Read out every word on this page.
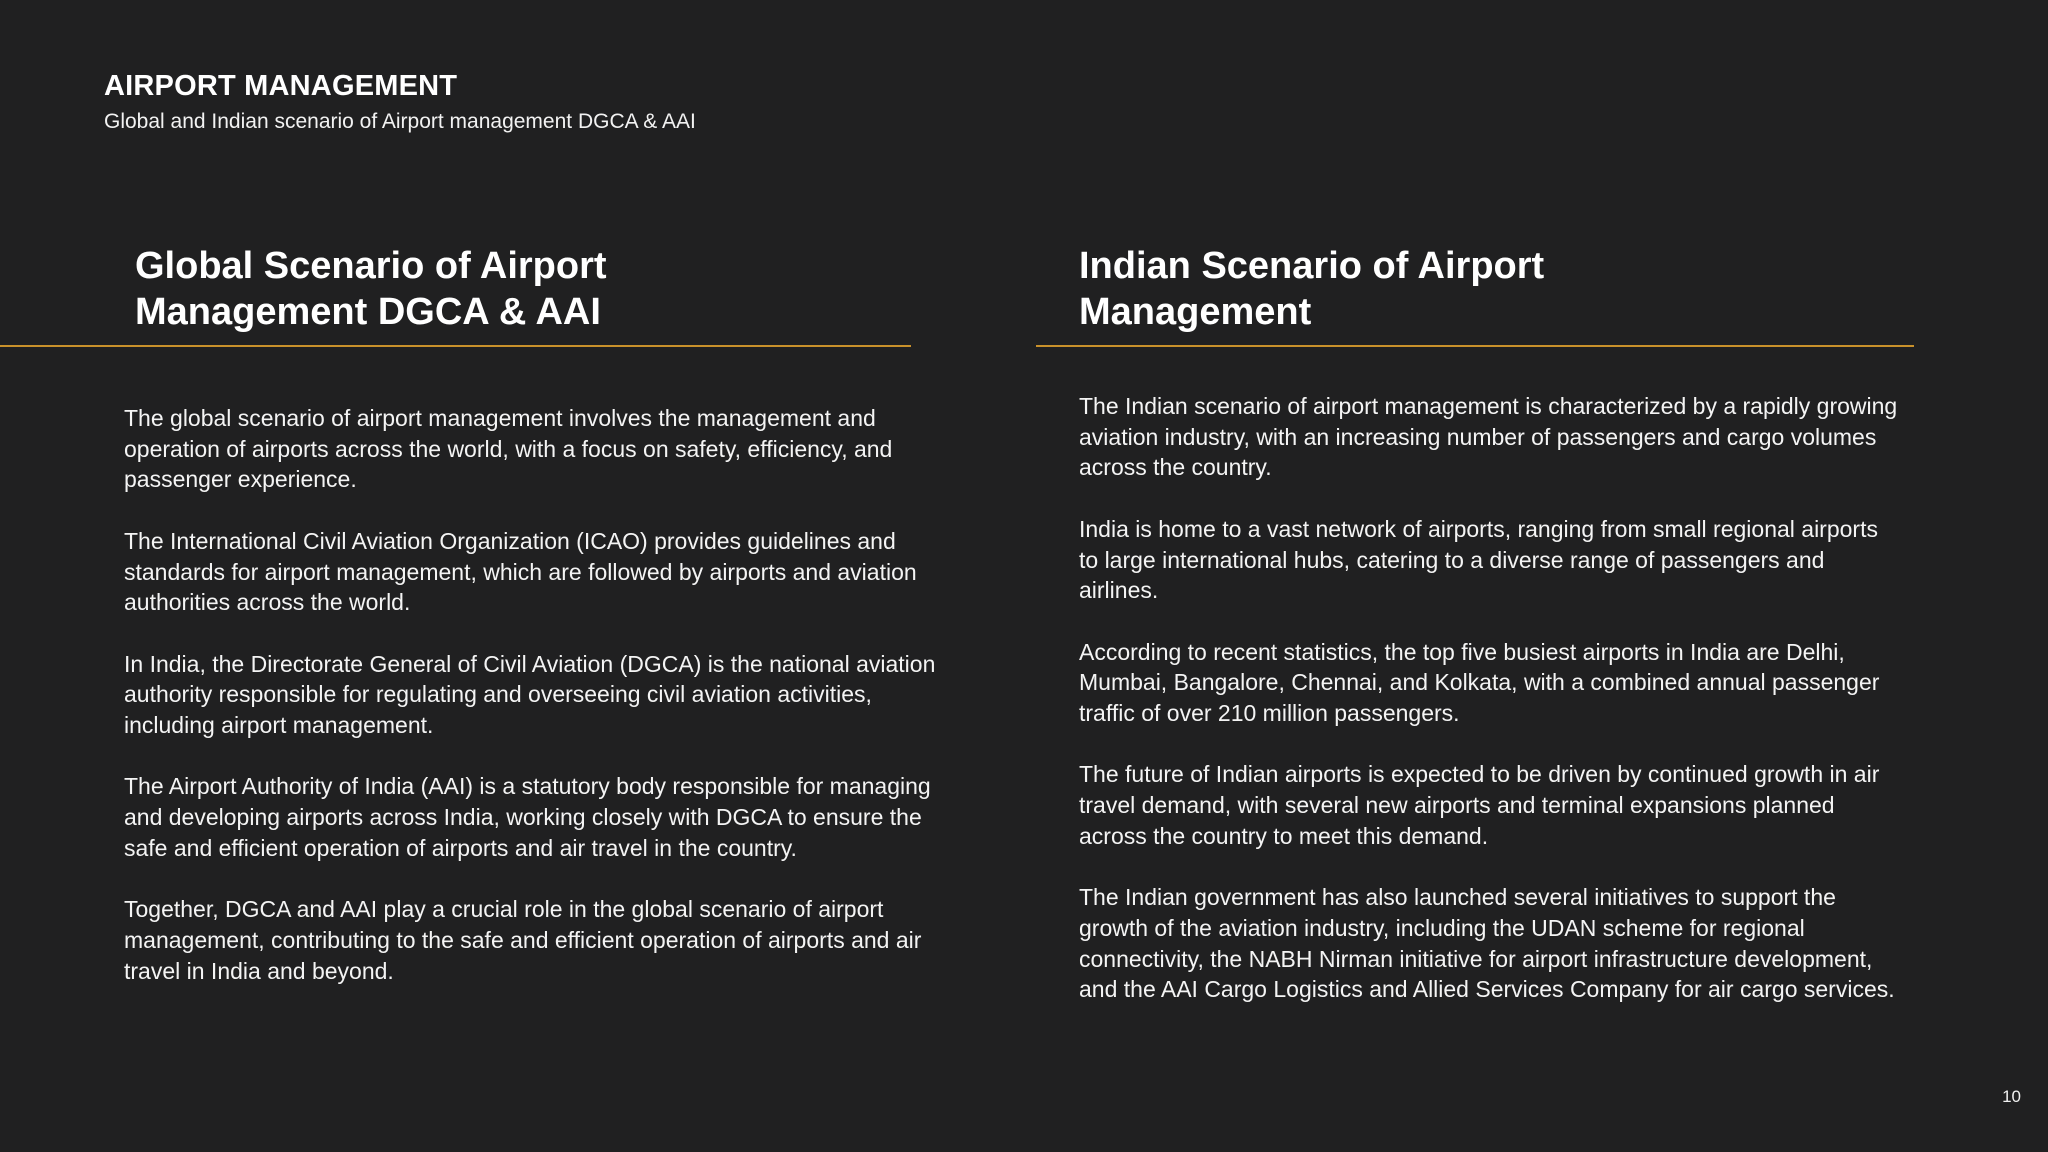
AIRPORT MANAGEMENT

Global and Indian scenario of Airport management DGCA & AAI

Global Scenario of Airport
Management DGCA & AAI

The global scenario of airport management involves the management and operation of airports across the world, with a focus on safety, efficiency, and passenger experience.

The International Civil Aviation Organization (ICAO) provides guidelines and standards for airport management, which are followed by airports and aviation authorities across the world.

In India, the Directorate General of Civil Aviation (DGCA) is the national aviation authority responsible for regulating and overseeing civil aviation activities, including airport management.

The Airport Authority of India (AAI) is a statutory body responsible for managing and developing airports across India, working closely with DGCA to ensure the safe and efficient operation of airports and air travel in the country.

Together, DGCA and AAI play a crucial role in the global scenario of airport management, contributing to the safe and efficient operation of airports and air travel in India and beyond.

Indian Scenario of Airport
Management

The Indian scenario of airport management is characterized by a rapidly growing aviation industry, with an increasing number of passengers and cargo volumes across the country.

India is home to a vast network of airports, ranging from small regional airports to large international hubs, catering to a diverse range of passengers and airlines.

According to recent statistics, the top five busiest airports in India are Delhi, Mumbai, Bangalore, Chennai, and Kolkata, with a combined annual passenger traffic of over 210 million passengers.

The future of Indian airports is expected to be driven by continued growth in air travel demand, with several new airports and terminal expansions planned across the country to meet this demand.

The Indian government has also launched several initiatives to support the growth of the aviation industry, including the UDAN scheme for regional connectivity, the NABH Nirman initiative for airport infrastructure development, and the AAI Cargo Logistics and Allied Services Company for air cargo services.

10
